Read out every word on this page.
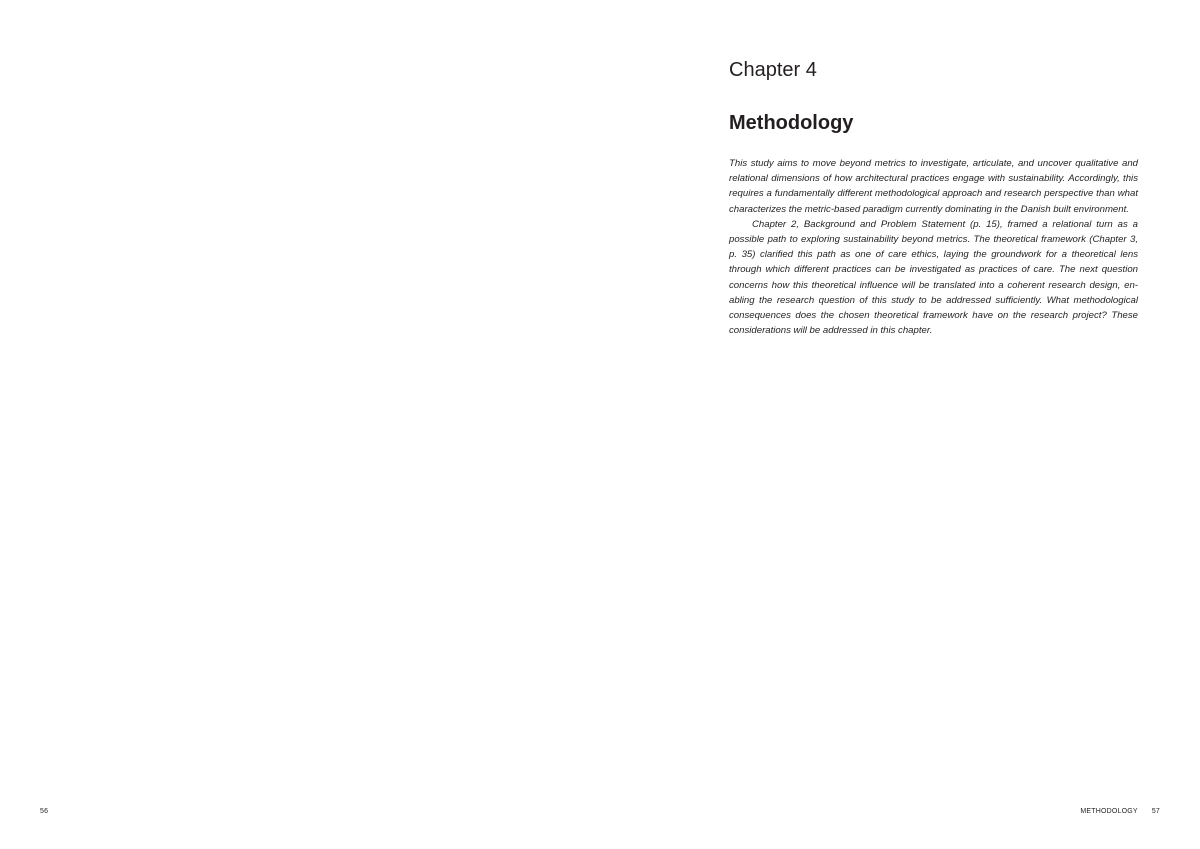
56
Chapter 4
Methodology

This study aims to move beyond metrics to investigate, articulate, and uncover qualitative and relational dimensions of how architectural practices engage with sustainability. Accordingly, this requires a fundamentally different methodological approach and research perspective than what characterizes the metric-based paradigm currently dominating in the Danish built environment.

Chapter 2, Background and Problem Statement (p. 15), framed a relational turn as a possible path to exploring sustainability beyond metrics. The theoretical framework (Chapter 3, p. 35) clarified this path as one of care ethics, laying the groundwork for a theoretical lens through which different practices can be investigated as practices of care. The next question concerns how this theoretical influence will be translated into a coherent research design, enabling the research question of this study to be addressed sufficiently. What methodological consequences does the chosen theoretical framework have on the research project? These considerations will be addressed in this chapter.

METHODOLOGY 57
